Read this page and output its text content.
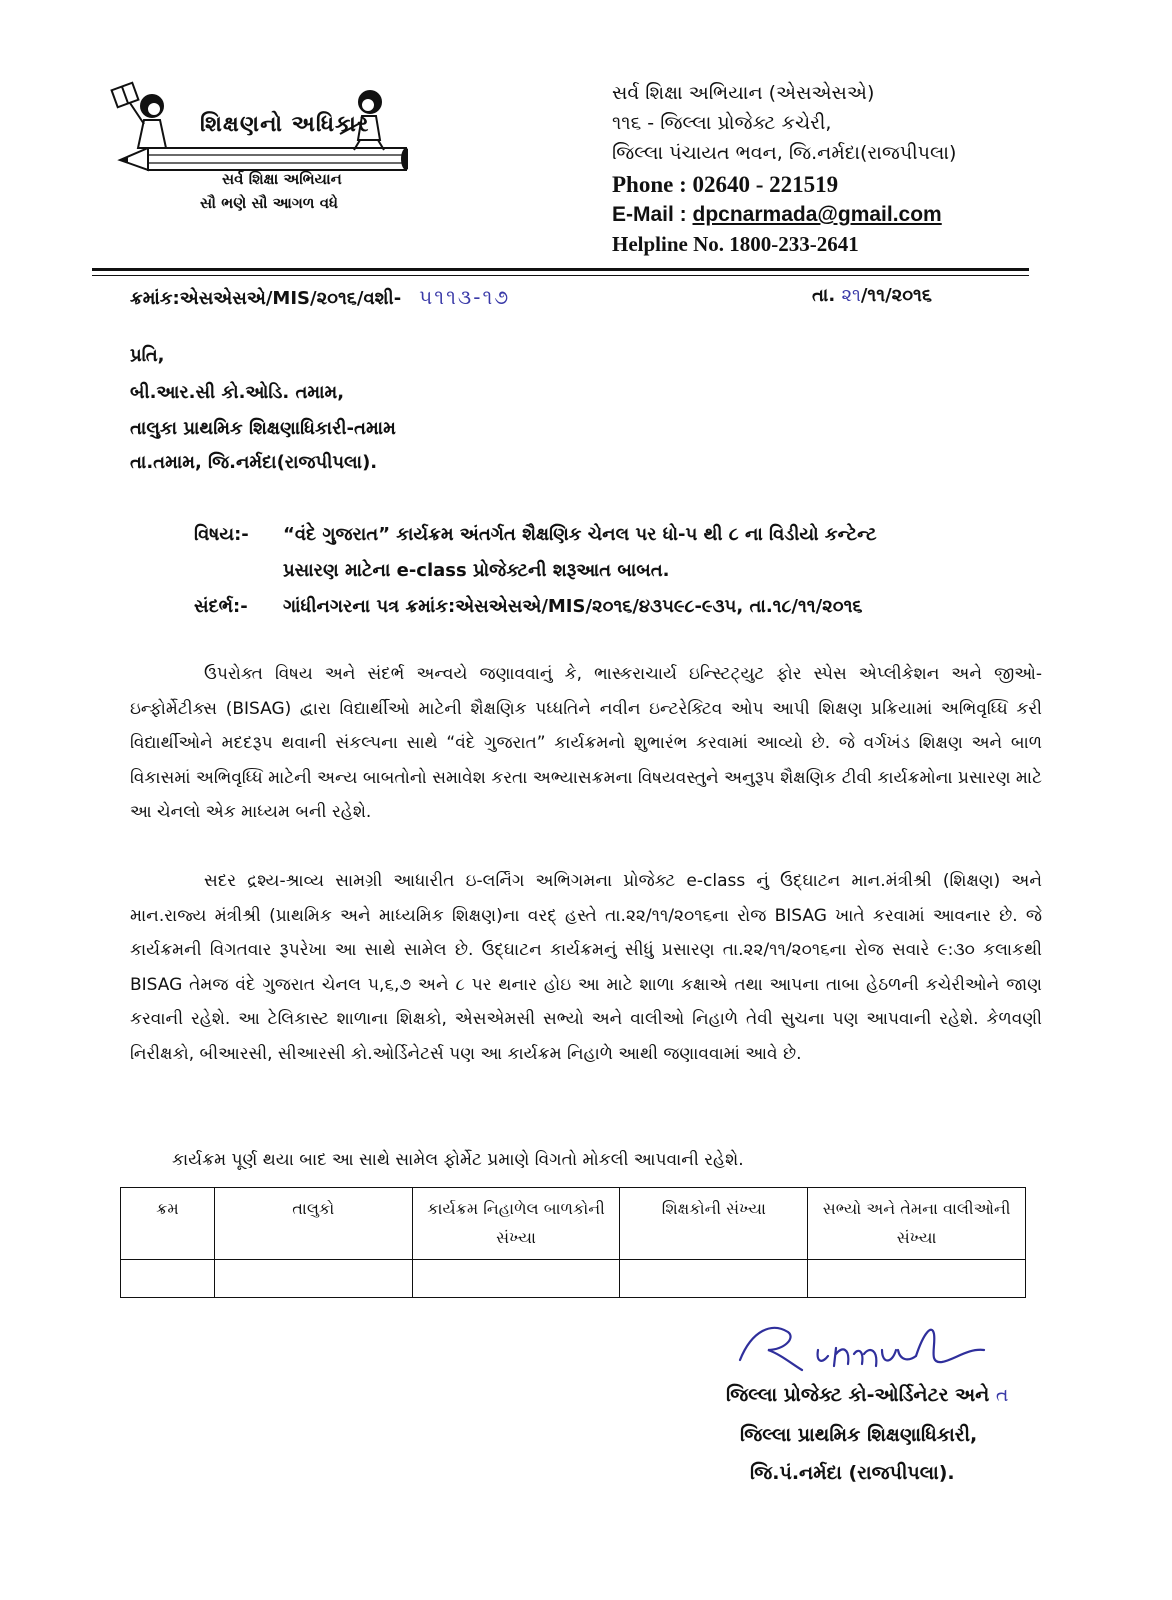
શિક્ષણનો અધિકાર
સર્વ શિક્ષા અભિયાન
સૌ ભણે સૌ આગળ વધે
સર્વ શિક્ષા અભિયાન (એસએસએ)
૧૧૬ - જિલ્લા પ્રોજેક્ટ કચેરી,
જિલ્લા પંચાયત ભવન, જિ.નર્મદા(રાજપીપલા)
Phone : 02640 - 221519
E-Mail : dpcnarmada@gmail.com
Helpline No. 1800-233-2641
ક્રમાંક:એસએસએ/MIS/૨૦૧૬/વશી- ૫૧૧૩-૧૭	તા. ૨૧/૧૧/૨૦૧૬
પ્રતિ,
બી.આર.સી કો.ઓડિ. તમામ,
તાલુકા પ્રાથમિક શિક્ષણાધિકારી-તમામ
તા.તમામ, જિ.નર્મદા(રાજપીપલા).
વિષય:- “વંદે ગુજરાત” કાર્યક્રમ અંતર્ગત શૈક્ષણિક ચેનલ પર ધો-૫ થી ૮ ના વિડીયો કન્ટેન્ટ
પ્રસારણ માટેના e-class પ્રોજેક્ટની શરૂઆત બાબત.
સંદર્ભ:- ગાંધીનગરના પત્ર ક્રમાંક:એસએસએ/MIS/૨૦૧૬/૪૩૫૯૮-૯૩૫, તા.૧૮/૧૧/૨૦૧૬
ઉપરોક્ત વિષય અને સંદર્ભ અન્વયે જણાવવાનું કે, ભાસ્કરાચાર્ય ઇન્સ્ટિટ્યુટ ફોર સ્પેસ એપ્લીકેશન અને જીઓ-ઇન્ફોર્મેટીક્સ (BISAG) દ્વારા વિદ્યાર્થીઓ માટેની શૈક્ષણિક પધ્ધતિને નવીન ઇન્ટરેક્ટિવ ઓપ આપી શિક્ષણ પ્રક્રિયામાં અભિવૃધ્ધિ કરી વિદ્યાર્થીઓને મદદરૂપ થવાની સંકલ્પના સાથે “વંદે ગુજરાત” કાર્યક્રમનો શુભારંભ કરવામાં આવ્યો છે. જે વર્ગખંડ શિક્ષણ અને બાળ વિકાસમાં અભિવૃધ્ધિ માટેની અન્ય બાબતોનો સમાવેશ કરતા અભ્યાસક્રમના વિષયવસ્તુને અનુરૂપ શૈક્ષણિક ટીવી કાર્યક્રમોના પ્રસારણ માટે આ ચેનલો એક માધ્યમ બની રહેશે.
સદર દ્રશ્ય-શ્રાવ્ય સામગ્રી આધારીત ઇ-લર્નિંગ અભિગમના પ્રોજેક્ટ e-class નું ઉદ્ઘાટન માન.મંત્રીશ્રી (શિક્ષણ) અને માન.રાજ્ય મંત્રીશ્રી (પ્રાથમિક અને માધ્યમિક શિક્ષણ)ના વરદ્ હસ્તે તા.૨૨/૧૧/૨૦૧૬ના રોજ BISAG ખાતે કરવામાં આવનાર છે. જે કાર્યક્રમની વિગતવાર રૂપરેખા આ સાથે સામેલ છે. ઉદ્ઘાટન કાર્યક્રમનું સીધું પ્રસારણ તા.૨૨/૧૧/૨૦૧૬ના રોજ સવારે ૯:૩૦ કલાકથી BISAG તેમજ વંદે ગુજરાત ચેનલ ૫,૬,૭ અને ૮ પર થનાર હોઇ આ માટે શાળા કક્ષાએ તથા આપના તાબા હેઠળની કચેરીઓને જાણ કરવાની રહેશે. આ ટેલિકાસ્ટ શાળાના શિક્ષકો, એસએમસી સભ્યો અને વાલીઓ નિહાળે તેવી સુચના પણ આપવાની રહેશે. કેળવણી નિરીક્ષકો, બીઆરસી, સીઆરસી કો.ઓર્ડિનેટર્સ પણ આ કાર્યક્રમ નિહાળે આથી જણાવવામાં આવે છે.
કાર્યક્રમ પૂર્ણ થયા બાદ આ સાથે સામેલ ફોર્મેટ પ્રમાણે વિગતો મોકલી આપવાની રહેશે.
ક્રમ	તાલુકો	કાર્યક્રમ નિહાળેલ બાળકોની સંખ્યા	શિક્ષકોની સંખ્યા	સભ્યો અને તેમના વાલીઓની સંખ્યા

જિલ્લા પ્રોજેક્ટ કો-ઓર્ડિનેટર અને ત
જિલ્લા પ્રાથમિક શિક્ષણાધિકારી,
જિ.પં.નર્મદા (રાજપીપલા).
